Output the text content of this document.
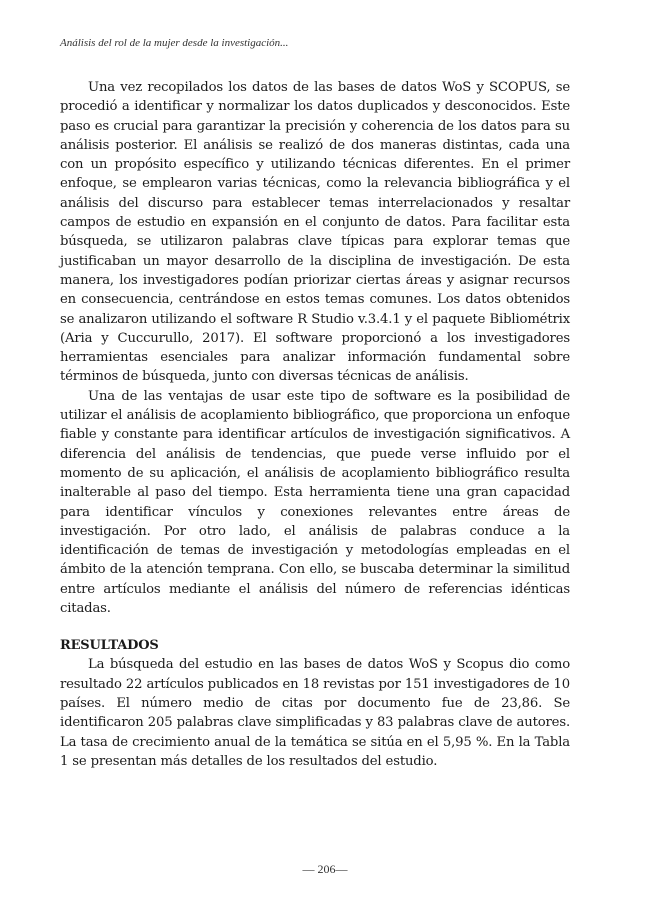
Análisis del rol de la mujer desde la investigación...

Una vez recopilados los datos de las bases de datos WoS y SCOPUS, se procedió a identificar y normalizar los datos duplicados y desconocidos. Este paso es crucial para garantizar la precisión y coherencia de los datos para su análisis posterior. El análisis se realizó de dos maneras distintas, cada una con un propósito específico y utilizando técnicas diferentes. En el primer enfoque, se emplearon varias técnicas, como la relevancia bibliográfica y el análisis del discurso para establecer temas interrelacionados y resaltar campos de estudio en expansión en el conjunto de datos. Para facilitar esta búsqueda, se utilizaron palabras clave típicas para explorar temas que justificaban un mayor desarrollo de la disciplina de investigación. De esta manera, los investigadores podían priorizar ciertas áreas y asignar recursos en consecuencia, centrándose en estos temas comunes. Los datos obtenidos se analizaron utilizando el software R Studio v.3.4.1 y el paquete Bibliométrix (Aria y Cuccurullo, 2017). El software proporcionó a los investigadores herramientas esenciales para analizar información fundamental sobre términos de búsqueda, junto con diversas técnicas de análisis.

Una de las ventajas de usar este tipo de software es la posibilidad de utilizar el análisis de acoplamiento bibliográfico, que proporciona un enfoque fiable y constante para identificar artículos de investigación significativos. A diferencia del análisis de tendencias, que puede verse influido por el momento de su aplicación, el análisis de acoplamiento bibliográfico resulta inalterable al paso del tiempo. Esta herramienta tiene una gran capacidad para identificar vínculos y conexiones relevantes entre áreas de investigación. Por otro lado, el análisis de palabras conduce a la identificación de temas de investigación y metodologías empleadas en el ámbito de la atención temprana. Con ello, se buscaba determinar la similitud entre artículos mediante el análisis del número de referencias idénticas citadas.

RESULTADOS

La búsqueda del estudio en las bases de datos WoS y Scopus dio como resultado 22 artículos publicados en 18 revistas por 151 investigadores de 10 países. El número medio de citas por documento fue de 23,86. Se identificaron 205 palabras clave simplificadas y 83 palabras clave de autores. La tasa de crecimiento anual de la temática se sitúa en el 5,95 %. En la Tabla 1 se presentan más detalles de los resultados del estudio.

— 206—
